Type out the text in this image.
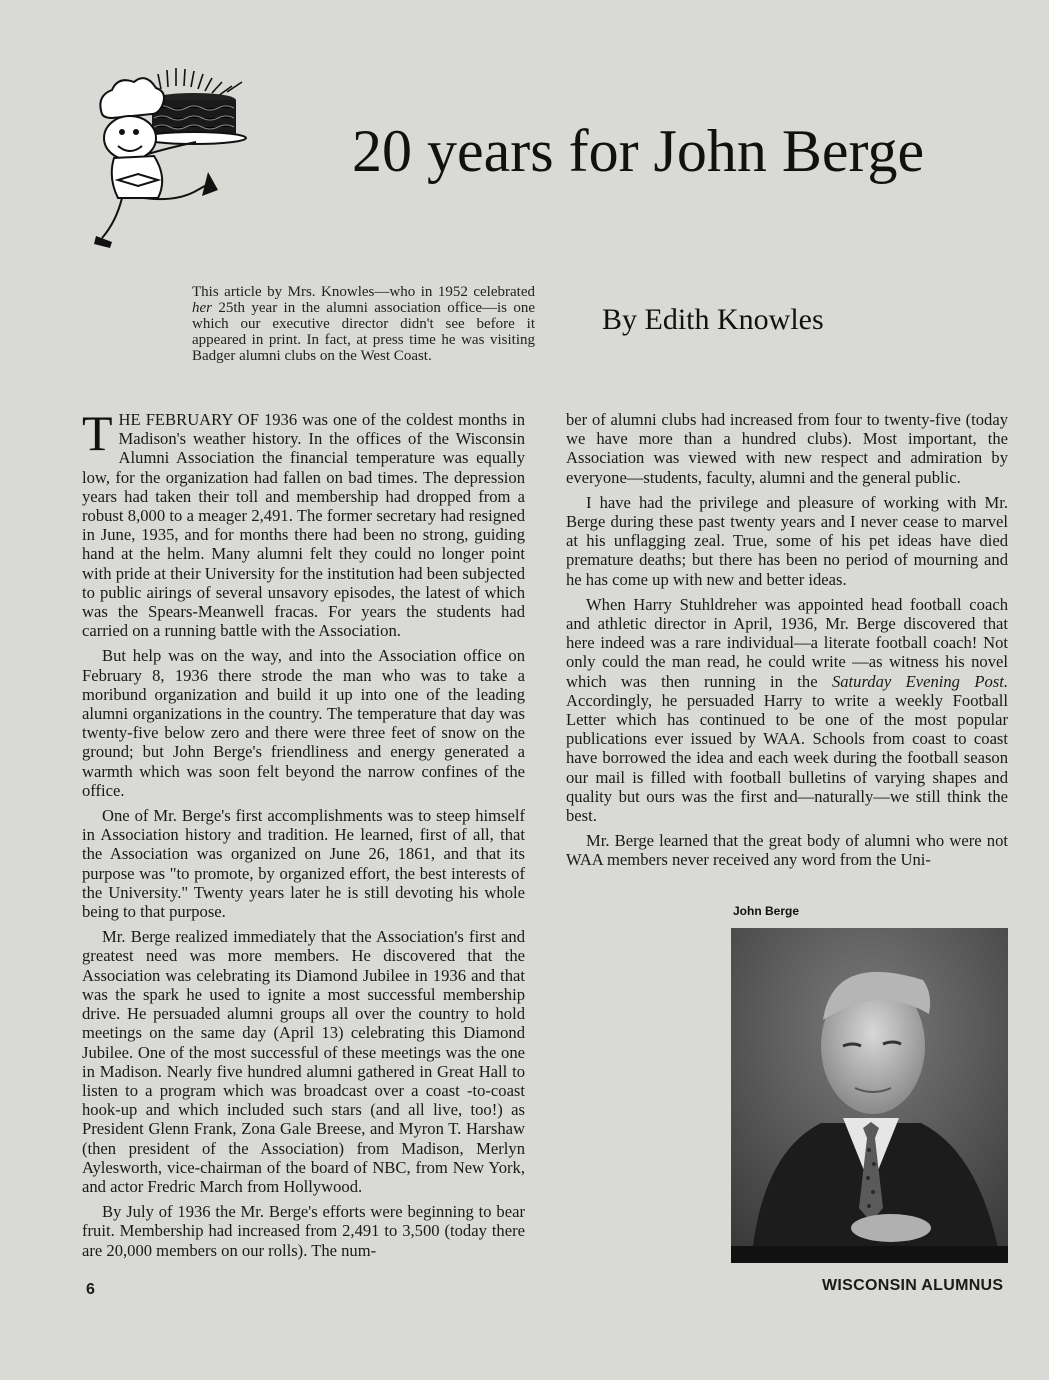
20 years for John Berge

This article by Mrs. Knowles—who in 1952 celebrated her 25th year in the alumni association office—is one which our executive director didn't see before it appeared in print. In fact, at press time he was visiting Badger alumni clubs on the West Coast.

By Edith Knowles

THE FEBRUARY OF 1936 was one of the coldest months in Madison's weather history. In the offices of the Wisconsin Alumni Association the financial temperature was equally low, for the organization had fallen on bad times. The depression years had taken their toll and membership had dropped from a robust 8,000 to a meager 2,491. The former secretary had resigned in June, 1935, and for months there had been no strong, guiding hand at the helm. Many alumni felt they could no longer point with pride at their University for the institution had been subjected to public airings of several unsavory episodes, the latest of which was the Spears-Meanwell fracas. For years the students had carried on a running battle with the Association.

But help was on the way, and into the Association office on February 8, 1936 there strode the man who was to take a moribund organization and build it up into one of the leading alumni organizations in the country. The temperature that day was twenty-five below zero and there were three feet of snow on the ground; but John Berge's friendliness and energy generated a warmth which was soon felt beyond the narrow confines of the office.

One of Mr. Berge's first accomplishments was to steep himself in Association history and tradition. He learned, first of all, that the Association was organized on June 26, 1861, and that its purpose was "to promote, by organized effort, the best interests of the University." Twenty years later he is still devoting his whole being to that purpose.

Mr. Berge realized immediately that the Association's first and greatest need was more members. He discovered that the Association was celebrating its Diamond Jubilee in 1936 and that was the spark he used to ignite a most successful membership drive. He persuaded alumni groups all over the country to hold meetings on the same day (April 13) celebrating this Diamond Jubilee. One of the most successful of these meetings was the one in Madison. Nearly five hundred alumni gathered in Great Hall to listen to a program which was broadcast over a coast -to-coast hook-up and which included such stars (and all live, too!) as President Glenn Frank, Zona Gale Breese, and Myron T. Harshaw (then president of the Association) from Madison, Merlyn Aylesworth, vice-chairman of the board of NBC, from New York, and actor Fredric March from Hollywood.

By July of 1936 the Mr. Berge's efforts were beginning to bear fruit. Membership had increased from 2,491 to 3,500 (today there are 20,000 members on our rolls). The num-

ber of alumni clubs had increased from four to twenty-five (today we have more than a hundred clubs). Most important, the Association was viewed with new respect and admiration by everyone—students, faculty, alumni and the general public.

I have had the privilege and pleasure of working with Mr. Berge during these past twenty years and I never cease to marvel at his unflagging zeal. True, some of his pet ideas have died premature deaths; but there has been no period of mourning and he has come up with new and better ideas.

When Harry Stuhldreher was appointed head football coach and athletic director in April, 1936, Mr. Berge discovered that here indeed was a rare individual—a literate football coach! Not only could the man read, he could write —as witness his novel which was then running in the Saturday Evening Post. Accordingly, he persuaded Harry to write a weekly Football Letter which has continued to be one of the most popular publications ever issued by WAA. Schools from coast to coast have borrowed the idea and each week during the football season our mail is filled with football bulletins of varying shapes and quality but ours was the first and—naturally—we still think the best.

Mr. Berge learned that the great body of alumni who were not WAA members never received any word from the Uni-

John Berge
6	WISCONSIN ALUMNUS
